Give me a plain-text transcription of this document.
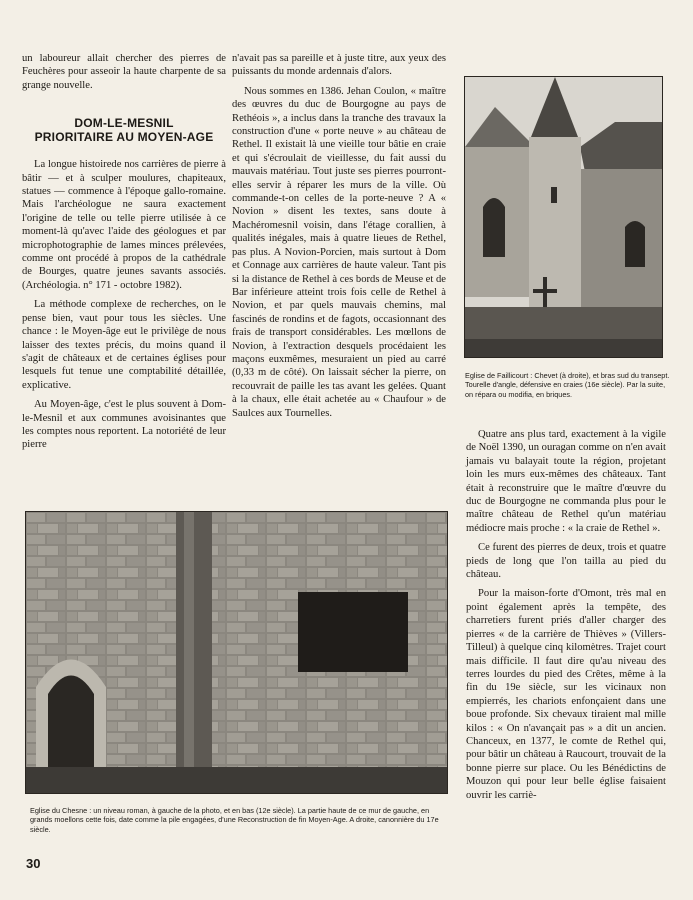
un laboureur allait chercher des pierres de Feuchères pour asseoir la haute charpente de sa grange nouvelle.

DOM-LE-MESNIL
PRIORITAIRE AU MOYEN-AGE

La longue histoirede nos carrières de pierre à bâtir — et à sculper moulures, chapiteaux, statues — commence à l'époque gallo-romaine. Mais l'archéologue ne saura exactement l'origine de telle ou telle pierre utilisée à ce moment-là qu'avec l'aide des géologues et par microphotographie de lames minces prélevées, comme ont procédé à propos de la cathédrale de Bourges, quatre jeunes savants associés. (Archéologia. n° 171 - octobre 1982).

La méthode complexe de recherches, on le pense bien, vaut pour tous les siècles. Une chance : le Moyen-âge eut le privilège de nous laisser des textes précis, du moins quand il s'agit de châteaux et de certaines églises pour lesquels fut tenue une comptabilité détaillée, explicative.

Au Moyen-âge, c'est le plus souvent à Dom-le-Mesnil et aux communes avoisinantes que les comptes nous reportent. La notoriété de leur pierre

n'avait pas sa pareille et à juste titre, aux yeux des puissants du monde ardennais d'alors.

Nous sommes en 1386. Jehan Coulon, « maître des œuvres du duc de Bourgogne au pays de Rethéois », a inclus dans la tranche des travaux la construction d'une « porte neuve » au château de Rethel. Il existait là une vieille tour bâtie en craie et qui s'écroulait de vieillesse, du fait aussi du mauvais matériau. Tout juste ses pierres pourront-elles servir à réparer les murs de la ville. Où commande-t-on celles de la porte-neuve ? A « Novion » disent les textes, sans doute à Machéromesnil voisin, dans l'étage corallien, à qualités inégales, mais à quatre lieues de Rethel, pas plus. A Novion-Porcien, mais surtout à Dom et Connage aux carrières de haute valeur. Tant pis si la distance de Rethel à ces bords de Meuse et de Bar inférieure atteint trois fois celle de Rethel à Novion, et par quels mauvais chemins, mal fascinés de rondins et de fagots, occasionnant des frais de transport considérables. Les mœllons de Novion, à l'extraction desquels procédaient les maçons euxmêmes, mesuraient un pied au carré (0,33 m de côté). On laissait sécher la pierre, on recouvrait de paille les tas avant les gelées. Quant à la chaux, elle était achetée au « Chaufour » de Saulces aux Tournelles.

Eglise de Faillicourt : Chevet (à droite), et bras sud du transept. Tourelle d'angle, défensive en craies (16e siècle). Par la suite, on répara ou modifia, en briques.

Quatre ans plus tard, exactement à la vigile de Noël 1390, un ouragan comme on n'en avait jamais vu balayait toute la région, projetant loin les murs eux-mêmes des châteaux. Tant était à reconstruire que le maître d'œuvre du duc de Bourgogne ne commanda plus pour le maître château de Rethel qu'un matériau médiocre mais proche : « la craie de Rethel ».

Ce furent des pierres de deux, trois et quatre pieds de long que l'on tailla au pied du château.

Pour la maison-forte d'Omont, très mal en point également après la tempête, des charretiers furent priés d'aller charger des pierres « de la carrière de Thièves » (Villers-Tilleul) à quelque cinq kilomètres. Trajet court mais difficile. Il faut dire qu'au niveau des terres lourdes du pied des Crêtes, même à la fin du 19e siècle, sur les vicinaux non empierrés, les chariots enfonçaient dans une boue profonde. Six chevaux tiraient mal mille kilos : « On n'avançait pas » a dit un ancien. Chanceux, en 1377, le comte de Rethel qui, pour bâtir un château à Raucourt, trouvait de la bonne pierre sur place. Ou les Bénédictins de Mouzon qui pour leur belle église faisaient ouvrir les carriè-

Eglise du Chesne : un niveau roman, à gauche de la photo, et en bas (12e siècle). La partie haute de ce mur de gauche, en grands moellons cette fois, date comme la pile engagées, d'une Reconstruction de fin Moyen-Age. A droite, canonnière du 17e siècle.
30
